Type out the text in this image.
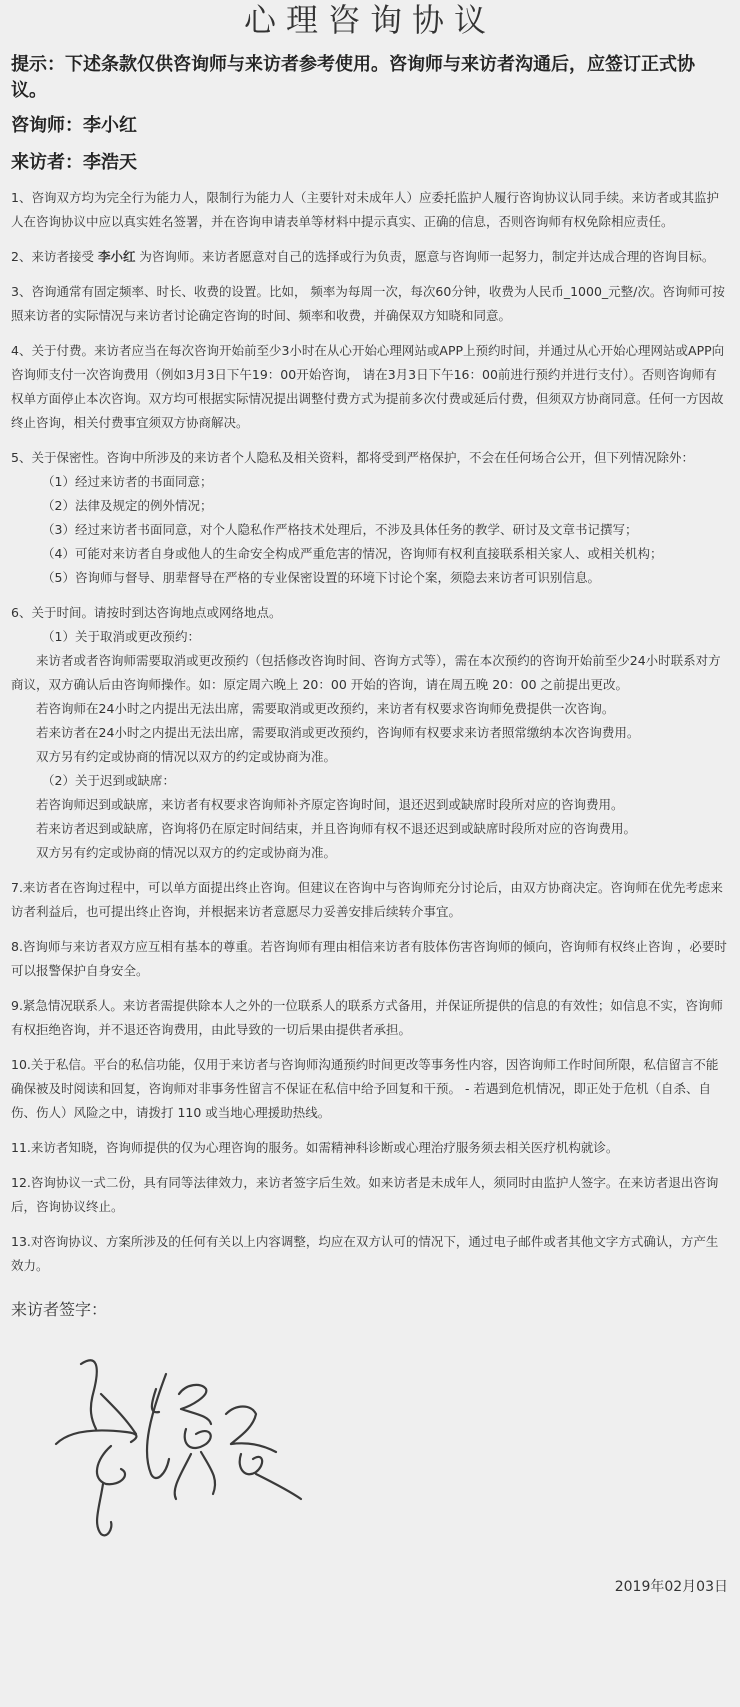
心理咨询协议
提示：下述条款仅供咨询师与来访者参考使用。咨询师与来访者沟通后，应签订正式协议。
咨询师：李小红
来访者：李浩天

1、咨询双方均为完全行为能力人，限制行为能力人（主要针对未成年人）应委托监护人履行咨询协议认同手续。来访者或其监护人在咨询协议中应以真实姓名签署，并在咨询申请表单等材料中提示真实、正确的信息，否则咨询师有权免除相应责任。

2、来访者接受 李小红 为咨询师。来访者愿意对自己的选择或行为负责，愿意与咨询师一起努力，制定并达成合理的咨询目标。

3、咨询通常有固定频率、时长、收费的设置。比如， 频率为每周一次，每次60分钟，收费为人民币_1000_元整/次。咨询师可按照来访者的实际情况与来访者讨论确定咨询的时间、频率和收费，并确保双方知晓和同意。

4、关于付费。来访者应当在每次咨询开始前至少3小时在从心开始心理网站或APP上预约时间，并通过从心开始心理网站或APP向咨询师支付一次咨询费用（例如3月3日下午19：00开始咨询， 请在3月3日下午16：00前进行预约并进行支付）。否则咨询师有权单方面停止本次咨询。双方均可根据实际情况提出调整付费方式为提前多次付费或延后付费，但须双方协商同意。任何一方因故终止咨询，相关付费事宜须双方协商解决。

5、关于保密性。咨询中所涉及的来访者个人隐私及相关资料，都将受到严格保护，不会在任何场合公开，但下列情况除外：

（1）经过来访者的书面同意；

（2）法律及规定的例外情况；

（3）经过来访者书面同意，对个人隐私作严格技术处理后，不涉及具体任务的教学、研讨及文章书记撰写；

（4）可能对来访者自身或他人的生命安全构成严重危害的情况，咨询师有权利直接联系相关家人、或相关机构；

（5）咨询师与督导、朋辈督导在严格的专业保密设置的环境下讨论个案，须隐去来访者可识别信息。

6、关于时间。请按时到达咨询地点或网络地点。

（1）关于取消或更改预约：

来访者或者咨询师需要取消或更改预约（包括修改咨询时间、咨询方式等），需在本次预约的咨询开始前至少24小时联系对方商议，双方确认后由咨询师操作。如：原定周六晚上 20：00 开始的咨询，请在周五晚 20：00 之前提出更改。

若咨询师在24小时之内提出无法出席，需要取消或更改预约，来访者有权要求咨询师免费提供一次咨询。

若来访者在24小时之内提出无法出席，需要取消或更改预约，咨询师有权要求来访者照常缴纳本次咨询费用。

双方另有约定或协商的情况以双方的约定或协商为准。

（2）关于迟到或缺席：

若咨询师迟到或缺席，来访者有权要求咨询师补齐原定咨询时间，退还迟到或缺席时段所对应的咨询费用。

若来访者迟到或缺席，咨询将仍在原定时间结束，并且咨询师有权不退还迟到或缺席时段所对应的咨询费用。

双方另有约定或协商的情况以双方的约定或协商为准。

7.来访者在咨询过程中，可以单方面提出终止咨询。但建议在咨询中与咨询师充分讨论后，由双方协商决定。咨询师在优先考虑来访者利益后，也可提出终止咨询，并根据来访者意愿尽力妥善安排后续转介事宜。

8.咨询师与来访者双方应互相有基本的尊重。若咨询师有理由相信来访者有肢体伤害咨询师的倾向，咨询师有权终止咨询 ，必要时可以报警保护自身安全。

9.紧急情况联系人。来访者需提供除本人之外的一位联系人的联系方式备用，并保证所提供的信息的有效性；如信息不实，咨询师有权拒绝咨询，并不退还咨询费用，由此导致的一切后果由提供者承担。

10.关于私信。平台的私信功能，仅用于来访者与咨询师沟通预约时间更改等事务性内容，因咨询师工作时间所限，私信留言不能确保被及时阅读和回复，咨询师对非事务性留言不保证在私信中给予回复和干预。 - 若遇到危机情况，即正处于危机（自杀、自伤、伤人）风险之中，请拨打 110 或当地心理援助热线。

11.来访者知晓，咨询师提供的仅为心理咨询的服务。如需精神科诊断或心理治疗服务须去相关医疗机构就诊。

12.咨询协议一式二份，具有同等法律效力，来访者签字后生效。如来访者是未成年人，须同时由监护人签字。在来访者退出咨询后，咨询协议终止。

13.对咨询协议、方案所涉及的任何有关以上内容调整，均应在双方认可的情况下，通过电子邮件或者其他文字方式确认，方产生效力。

来访者签字：
2019年02月03日
